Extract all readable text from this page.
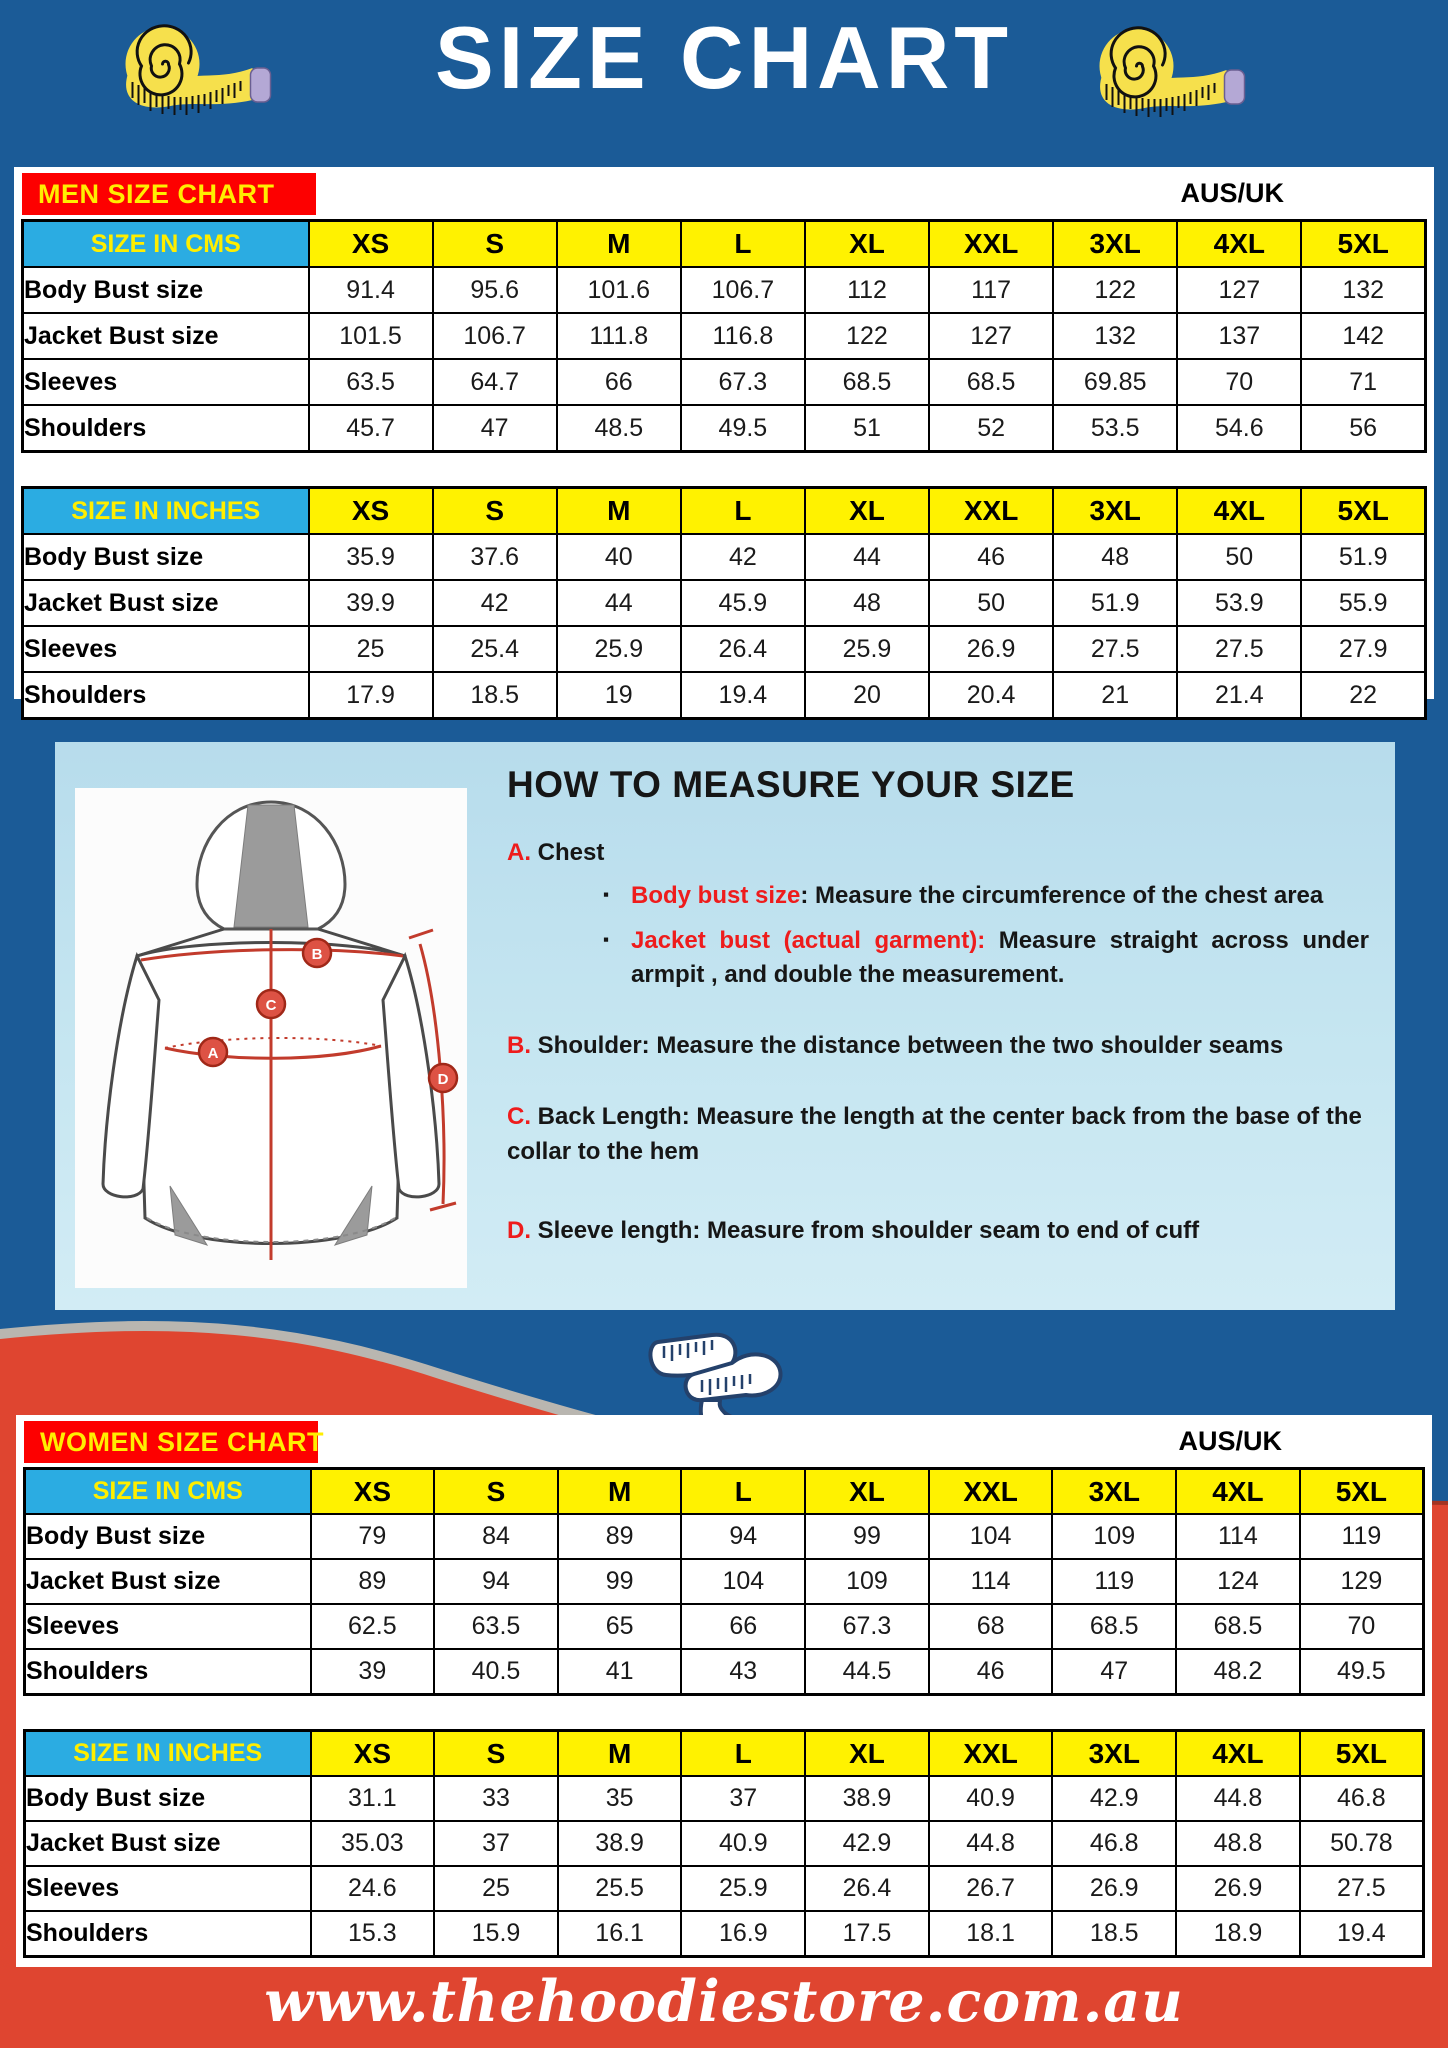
SIZE CHART
MEN SIZE CHART	AUS/UK
SIZE IN CMS	XS	S	M	L	XL	XXL	3XL	4XL	5XL
Body Bust size	91.4	95.6	101.6	106.7	112	117	122	127	132
Jacket Bust size	101.5	106.7	111.8	116.8	122	127	132	137	142
Sleeves	63.5	64.7	66	67.3	68.5	68.5	69.85	70	71
Shoulders	45.7	47	48.5	49.5	51	52	53.5	54.6	56
SIZE IN INCHES	XS	S	M	L	XL	XXL	3XL	4XL	5XL
Body Bust size	35.9	37.6	40	42	44	46	48	50	51.9
Jacket Bust size	39.9	42	44	45.9	48	50	51.9	53.9	55.9
Sleeves	25	25.4	25.9	26.4	25.9	26.9	27.5	27.5	27.9
Shoulders	17.9	18.5	19	19.4	20	20.4	21	21.4	22
A
B
C
D
HOW TO MEASURE YOUR SIZE
A. Chest
▪ Body bust size: Measure the circumference of the chest area
▪ Jacket bust (actual garment): Measure straight across under armpit , and double the measurement.
B. Shoulder: Measure the distance between the two shoulder seams
C. Back Length: Measure the length at the center back from the base of the collar to the hem
D. Sleeve length: Measure from shoulder seam to end of cuff
WOMEN SIZE CHART	AUS/UK
SIZE IN CMS	XS	S	M	L	XL	XXL	3XL	4XL	5XL
Body Bust size	79	84	89	94	99	104	109	114	119
Jacket Bust size	89	94	99	104	109	114	119	124	129
Sleeves	62.5	63.5	65	66	67.3	68	68.5	68.5	70
Shoulders	39	40.5	41	43	44.5	46	47	48.2	49.5
SIZE IN INCHES	XS	S	M	L	XL	XXL	3XL	4XL	5XL
Body Bust size	31.1	33	35	37	38.9	40.9	42.9	44.8	46.8
Jacket Bust size	35.03	37	38.9	40.9	42.9	44.8	46.8	48.8	50.78
Sleeves	24.6	25	25.5	25.9	26.4	26.7	26.9	26.9	27.5
Shoulders	15.3	15.9	16.1	16.9	17.5	18.1	18.5	18.9	19.4
www.thehoodiestore.com.au
